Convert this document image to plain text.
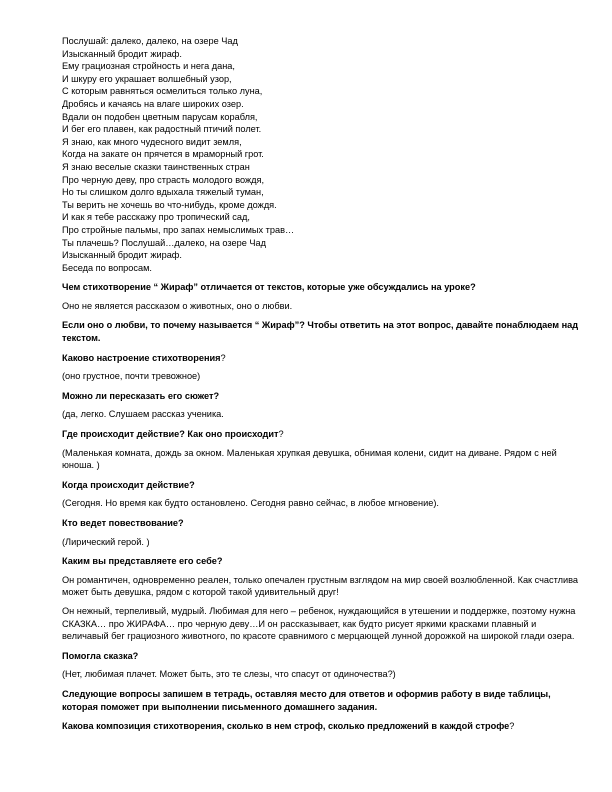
Послушай: далеко, далеко, на озере Чад
Изысканный бродит жираф.
Ему грациозная стройность и нега дана,
И шкуру его украшает волшебный узор,
С которым равняться осмелиться только луна,
Дробясь и качаясь на влаге широких озер.
Вдали он подобен цветным парусам корабля,
И бег его плавен, как радостный птичий полет.
Я знаю, как много чудесного видит земля,
Когда на закате он прячется в мраморный грот.
Я знаю веселые сказки таинственных стран
Про черную деву, про страсть молодого вождя,
Но ты слишком долго вдыхала тяжелый туман,
Ты верить не хочешь во что-нибудь, кроме дождя.
И как я тебе расскажу про тропический сад,
Про стройные пальмы, про запах немыслимых трав…
Ты плачешь? Послушай…далеко, на озере Чад
Изысканный бродит жираф.
Беседа по вопросам.
Чем стихотворение “ Жираф” отличается от текстов, которые уже обсуждались на уроке?
Оно не является рассказом о животных, оно о любви.
Если оно о любви, то почему называется “ Жираф”? Чтобы ответить на этот вопрос, давайте понаблюдаем над текстом.
Каково настроение стихотворения?
(оно грустное, почти тревожное)
Можно ли пересказать его сюжет?
(да, легко. Слушаем рассказ ученика.
Где происходит действие? Как оно происходит?
(Маленькая комната, дождь за окном. Маленькая хрупкая девушка, обнимая колени, сидит на диване. Рядом с ней юноша. )
Когда происходит действие?
(Сегодня. Но время как будто остановлено. Сегодня равно сейчас, в любое мгновение).
Кто ведет повествование?
(Лирический герой. )
Каким вы представляете его себе?
Он романтичен, одновременно реален, только опечален грустным взглядом на мир своей возлюбленной. Как счастлива может быть девушка, рядом с которой такой удивительный друг!
Он нежный, терпеливый, мудрый. Любимая для него – ребенок, нуждающийся в утешении и поддержке, поэтому нужна СКАЗКА… про ЖИРАФА… про черную деву…И он рассказывает, как будто рисует яркими красками плавный и величавый бег грациозного животного, по красоте сравнимого с мерцающей лунной дорожкой на широкой глади озера.
Помогла сказка?
(Нет, любимая плачет. Может быть, это те слезы, что спасут от одиночества?)
Следующие вопросы запишем в тетрадь, оставляя место для ответов и оформив работу в виде таблицы, которая поможет при выполнении письменного домашнего задания.
Какова композиция стихотворения, сколько в нем строф, сколько предложений в каждой строфе?
